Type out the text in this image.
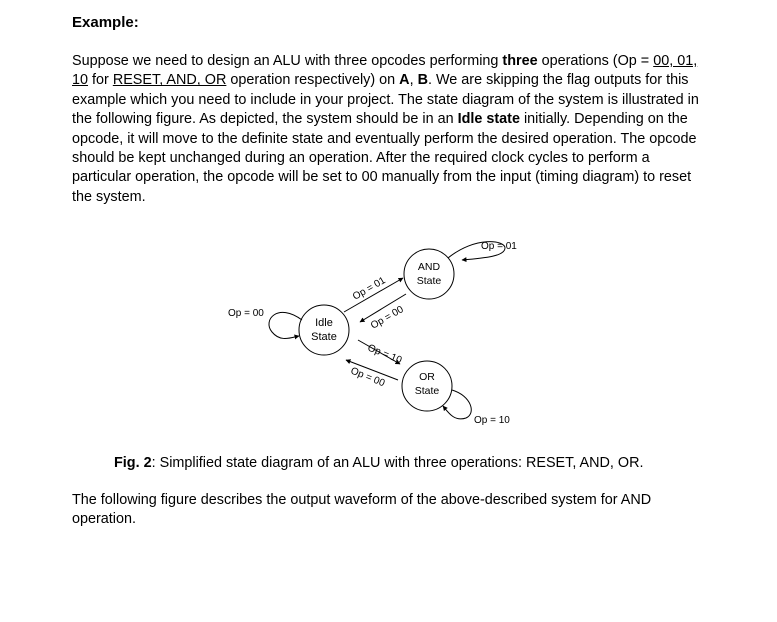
Example:

Suppose we need to design an ALU with three opcodes performing three operations (Op = 00, 01, 10 for RESET, AND, OR operation respectively) on A, B. We are skipping the flag outputs for this example which you need to include in your project. The state diagram of the system is illustrated in the following figure. As depicted, the system should be in an Idle state initially. Depending on the opcode, it will move to the definite state and eventually perform the desired operation. The opcode should be kept unchanged during an operation. After the required clock cycles to perform a particular operation, the opcode will be set to 00 manually from the input (timing diagram) to reset the system.

Idle
State
AND
State
OR
State
Op = 00
Op = 01
Op = 10
Op = 01
Op = 00
Op = 10
Op = 00

Fig. 2: Simplified state diagram of an ALU with three operations: RESET, AND, OR.

The following figure describes the output waveform of the above-described system for AND operation.
